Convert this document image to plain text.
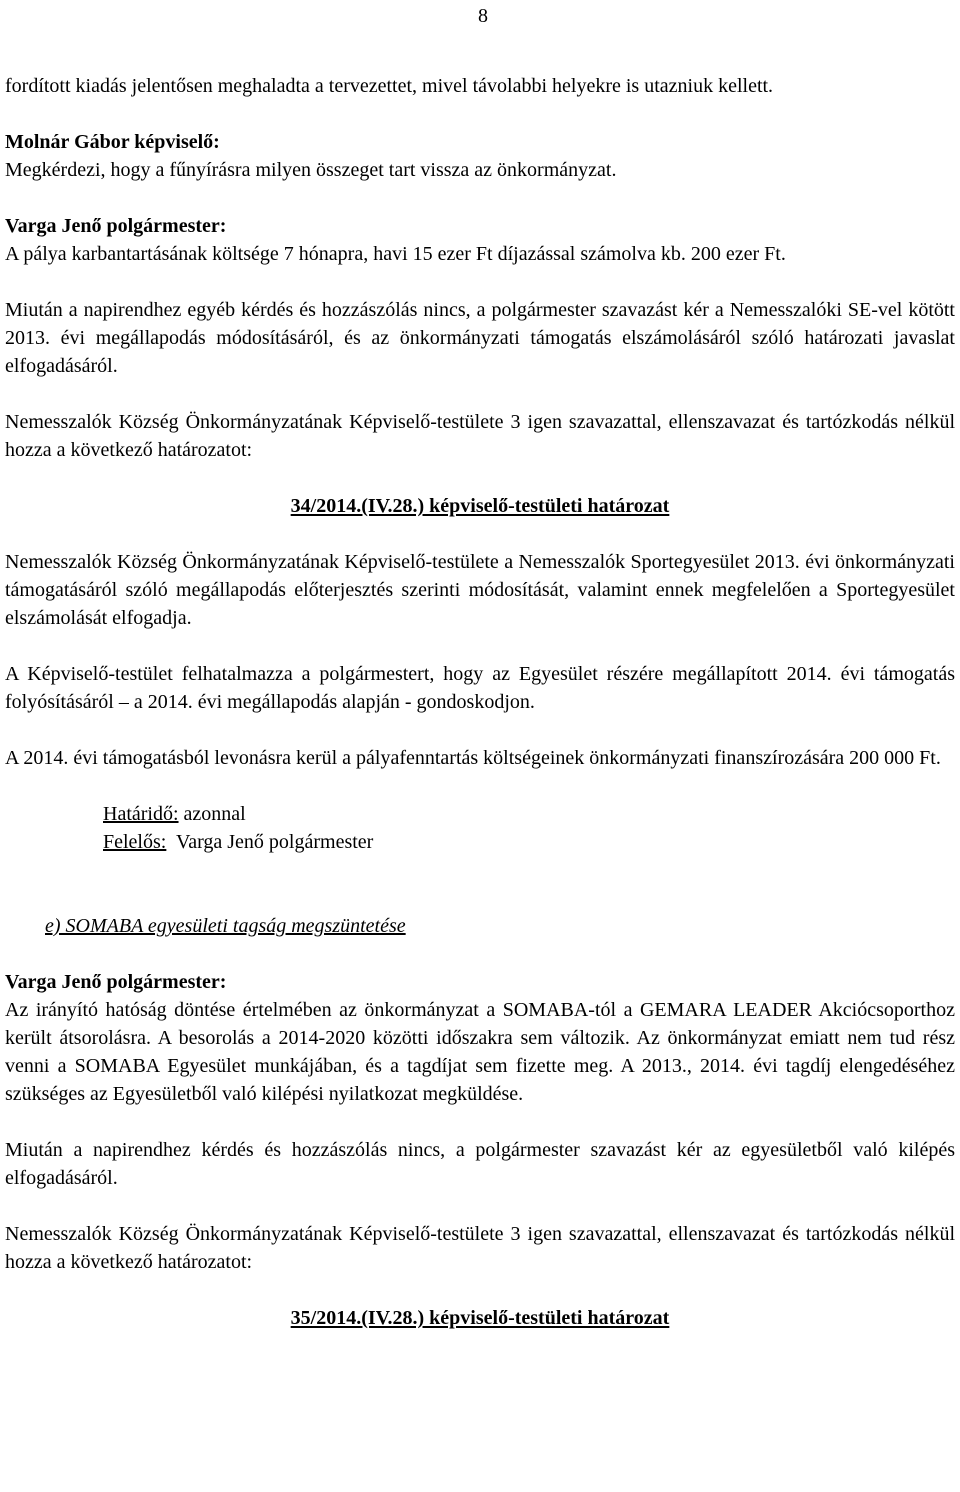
8

fordított kiadás jelentősen meghaladta a tervezettet, mivel távolabbi helyekre is utazniuk kellett.

Molnár Gábor képviselő:

Megkérdezi, hogy a fűnyírásra milyen összeget tart vissza az önkormányzat.

Varga Jenő polgármester:

A pálya karbantartásának költsége 7 hónapra, havi 15 ezer Ft díjazással számolva kb. 200 ezer Ft.

Miután a napirendhez egyéb kérdés és hozzászólás nincs, a polgármester szavazást kér a Nemesszalóki SE-vel kötött 2013. évi megállapodás módosításáról, és az önkormányzati támogatás elszámolásáról szóló határozati javaslat elfogadásáról.

Nemesszalók Község Önkormányzatának Képviselő-testülete 3 igen szavazattal, ellenszavazat és tartózkodás nélkül hozza a következő határozatot:

34/2014.(IV.28.) képviselő-testületi határozat

Nemesszalók Község Önkormányzatának Képviselő-testülete a Nemesszalók Sportegyesület 2013. évi önkormányzati támogatásáról szóló megállapodás előterjesztés szerinti módosítását, valamint ennek megfelelően a Sportegyesület elszámolását elfogadja.

A Képviselő-testület felhatalmazza a polgármestert, hogy az Egyesület részére megállapított 2014. évi támogatás folyósításáról – a 2014. évi megállapodás alapján - gondoskodjon.

A 2014. évi támogatásból levonásra kerül a pályafenntartás költségeinek önkormányzati finanszírozására 200 000 Ft.

Határidő: azonnal

Felelős:  Varga Jenő polgármester

e) SOMABA egyesületi tagság megszüntetése

Varga Jenő polgármester:

Az irányító hatóság döntése értelmében az önkormányzat a SOMABA-tól a GEMARA LEADER Akciócsoporthoz került átsorolásra. A besorolás a 2014-2020 közötti időszakra sem változik. Az önkormányzat emiatt nem tud rész venni a SOMABA Egyesület munkájában, és a tagdíjat sem fizette meg. A 2013., 2014. évi tagdíj elengedéséhez szükséges az Egyesületből való kilépési nyilatkozat megküldése.

Miután a napirendhez kérdés és hozzászólás nincs, a polgármester szavazást kér az egyesületből való kilépés elfogadásáról.

Nemesszalók Község Önkormányzatának Képviselő-testülete 3 igen szavazattal, ellenszavazat és tartózkodás nélkül hozza a következő határozatot:

35/2014.(IV.28.) képviselő-testületi határozat
